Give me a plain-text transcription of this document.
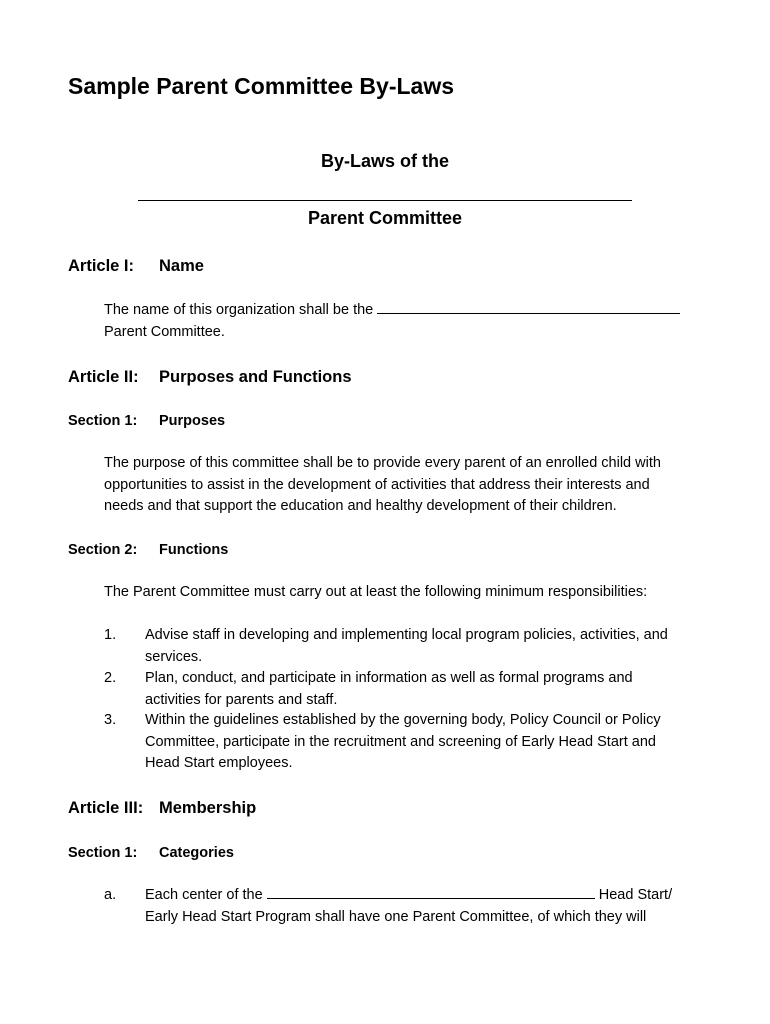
Sample Parent Committee By-Laws
By-Laws of the
Parent Committee
Article I: Name

The name of this organization shall be the
Parent Committee.

Article II: Purposes and Functions
Section 1: Purposes

The purpose of this committee shall be to provide every parent of an enrolled child with
opportunities to assist in the development of activities that address their interests and
needs and that support the education and healthy development of their children.

Section 2: Functions

The Parent Committee must carry out at least the following minimum responsibilities:

1. Advise staff in developing and implementing local program policies, activities, and
services.
2. Plan, conduct, and participate in information as well as formal programs and
activities for parents and staff.
3. Within the guidelines established by the governing body, Policy Council or Policy
Committee, participate in the recruitment and screening of Early Head Start and
Head Start employees.
Article III: Membership
Section 1: Categories
a. Each center of the	Head Start/
Early Head Start Program shall have one Parent Committee, of which they will
